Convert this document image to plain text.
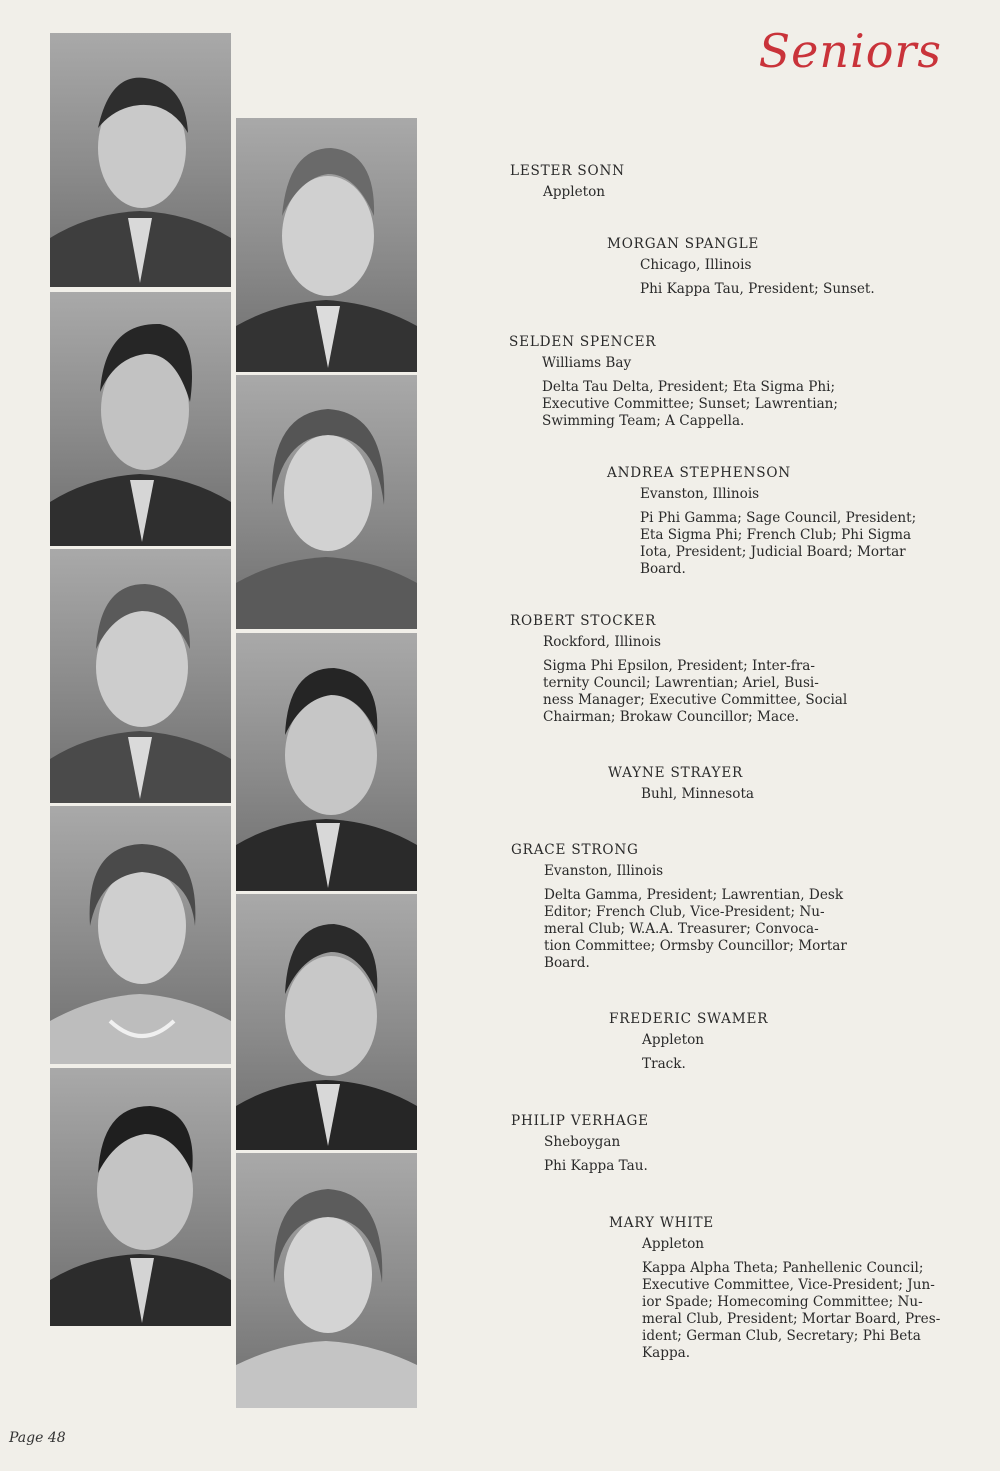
Seniors
LESTER SONN
Appleton
MORGAN SPANGLE
Chicago, Illinois

Phi Kappa Tau, President; Sunset.

SELDEN SPENCER
Williams Bay

Delta Tau Delta, President; Eta Sigma Phi;

Executive Committee; Sunset; Lawrentian;

Swimming Team; A Cappella.

ANDREA STEPHENSON
Evanston, Illinois

Pi Phi Gamma; Sage Council, President;

Eta Sigma Phi; French Club; Phi Sigma

Iota, President; Judicial Board; Mortar

Board.

ROBERT STOCKER
Rockford, Illinois

Sigma Phi Epsilon, President; Inter-fra-

ternity Council; Lawrentian; Ariel, Busi-

ness Manager; Executive Committee, Social

Chairman; Brokaw Councillor; Mace.

WAYNE STRAYER
Buhl, Minnesota
GRACE STRONG
Evanston, Illinois

Delta Gamma, President; Lawrentian, Desk

Editor; French Club, Vice-President; Nu-

meral Club; W.A.A. Treasurer; Convoca-

tion Committee; Ormsby Councillor; Mortar

Board.

FREDERIC SWAMER
Appleton

Track.

PHILIP VERHAGE
Sheboygan

Phi Kappa Tau.

MARY WHITE
Appleton

Kappa Alpha Theta; Panhellenic Council;

Executive Committee, Vice-President; Jun-

ior Spade; Homecoming Committee; Nu-

meral Club, President; Mortar Board, Pres-

ident; German Club, Secretary; Phi Beta

Kappa.

Page 48
